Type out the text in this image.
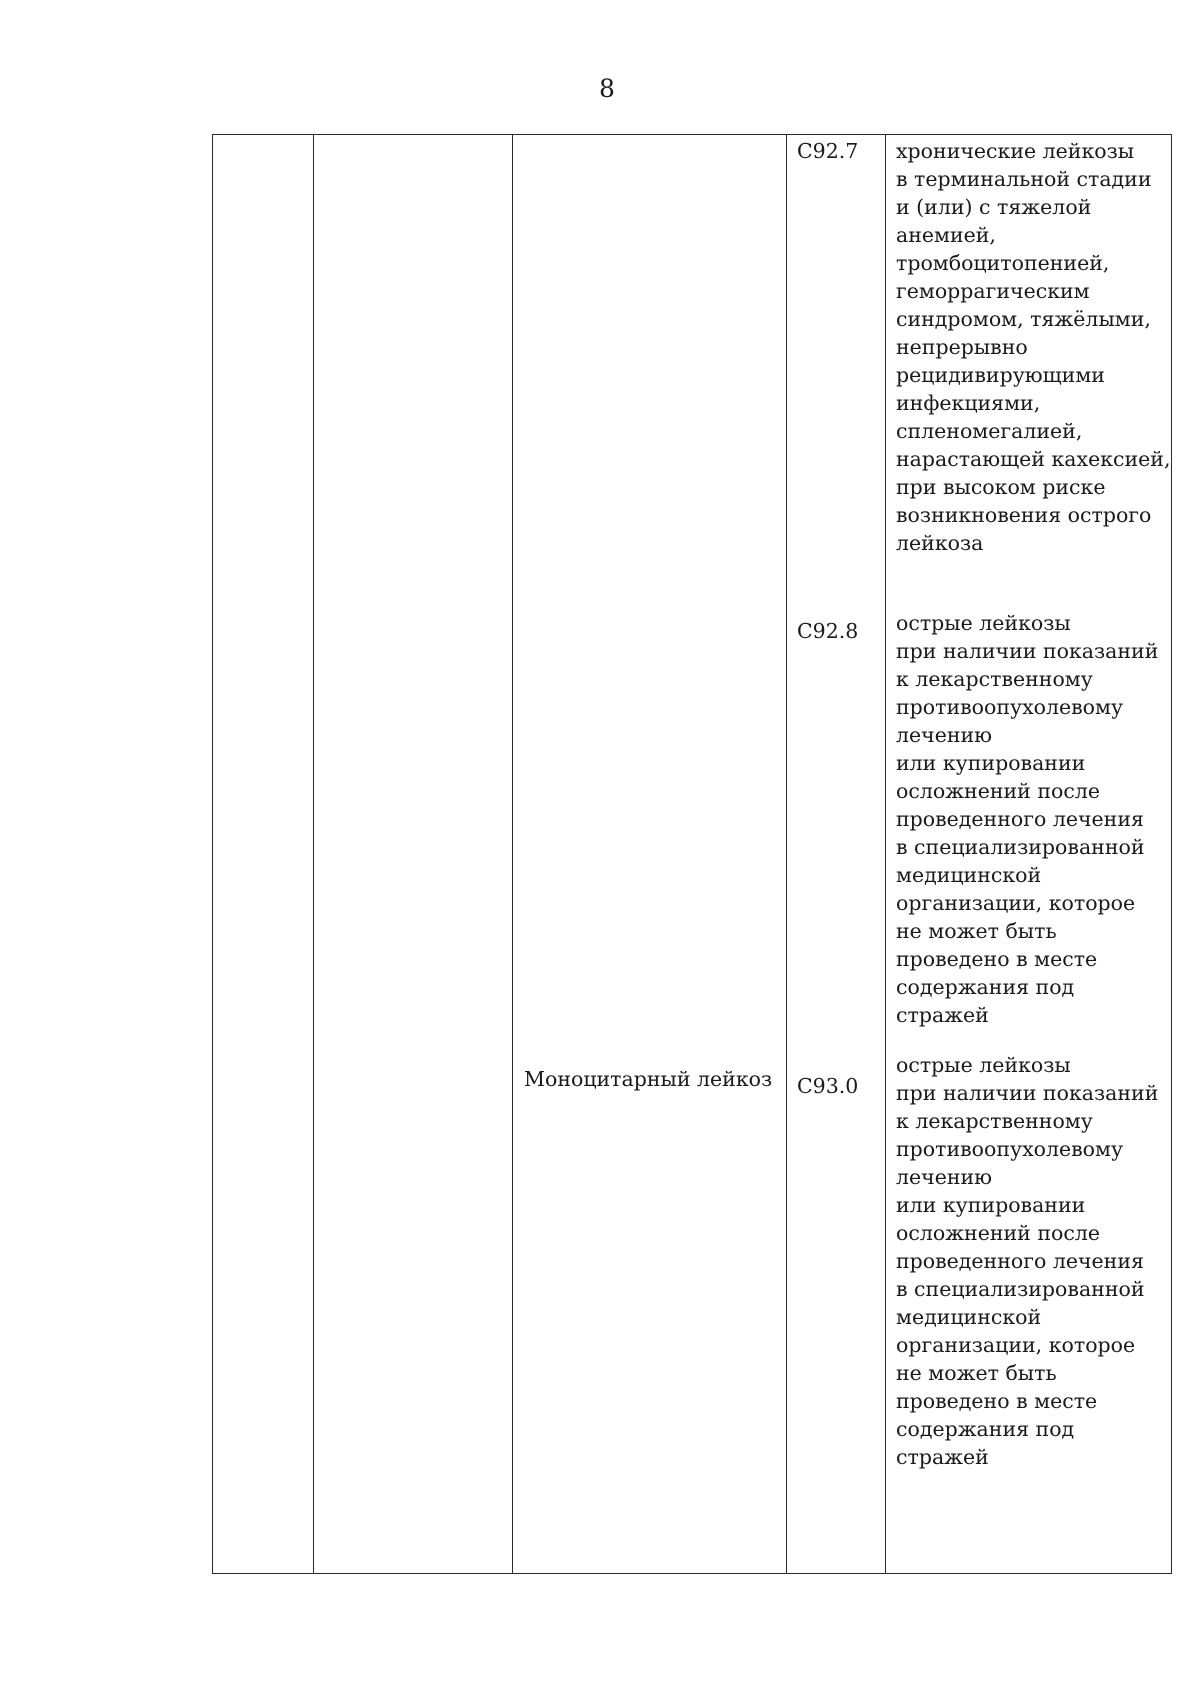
8
C92.7 хронические лейкозы
в терминальной стадии
и (или) с тяжелой
анемией,
тромбоцитопенией,
геморрагическим
синдромом, тяжёлыми,
непрерывно
рецидивирующими
инфекциями,
спленомегалией,
нарастающей кахексией,
при высоком риске
возникновения острого
лейкоза
C92.8 острые лейкозы
при наличии показаний
к лекарственному
противоопухолевому
лечению
или купировании
осложнений после
проведенного лечения
в специализированной
медицинской
организации, которое
не может быть
проведено в месте
содержания под стражей
Моноцитарный лейкоз C93.0
острые лейкозы
при наличии показаний
к лекарственному
противоопухолевому
лечению
или купировании
осложнений после
проведенного лечения
в специализированной
медицинской
организации, которое
не может быть
проведено в месте
содержания под стражей
